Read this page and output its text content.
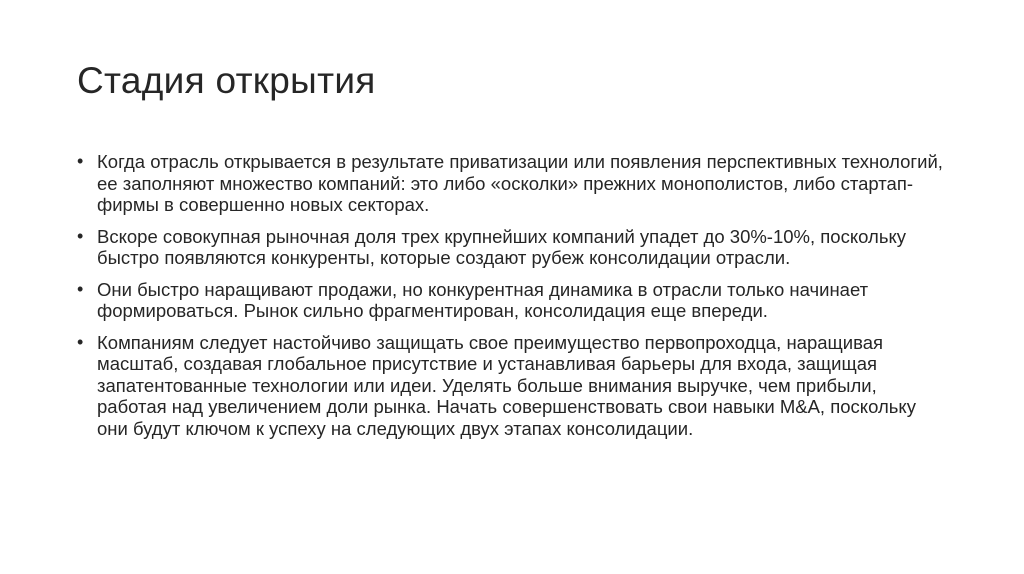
Стадия открытия
• Когда отрасль открывается в результате приватизации или появления перспективных технологий, ее заполняют множество компаний: это либо «осколки» прежних монополистов, либо стартап-фирмы в совершенно новых секторах.
• Вскоре совокупная рыночная доля трех крупнейших компаний упадет до 30%-10%, поскольку быстро появляются конкуренты, которые создают рубеж консолидации отрасли.
• Они быстро наращивают продажи, но конкурентная динамика в отрасли только начинает формироваться. Рынок сильно фрагментирован, консолидация еще впереди.
• Компаниям следует настойчиво защищать свое преимущество первопроходца, наращивая масштаб, создавая глобальное присутствие и устанавливая барьеры для входа, защищая запатентованные технологии или идеи. Уделять больше внимания выручке, чем прибыли, работая над увеличением доли рынка. Начать совершенствовать свои навыки M&A, поскольку они будут ключом к успеху на следующих двух этапах консолидации.
